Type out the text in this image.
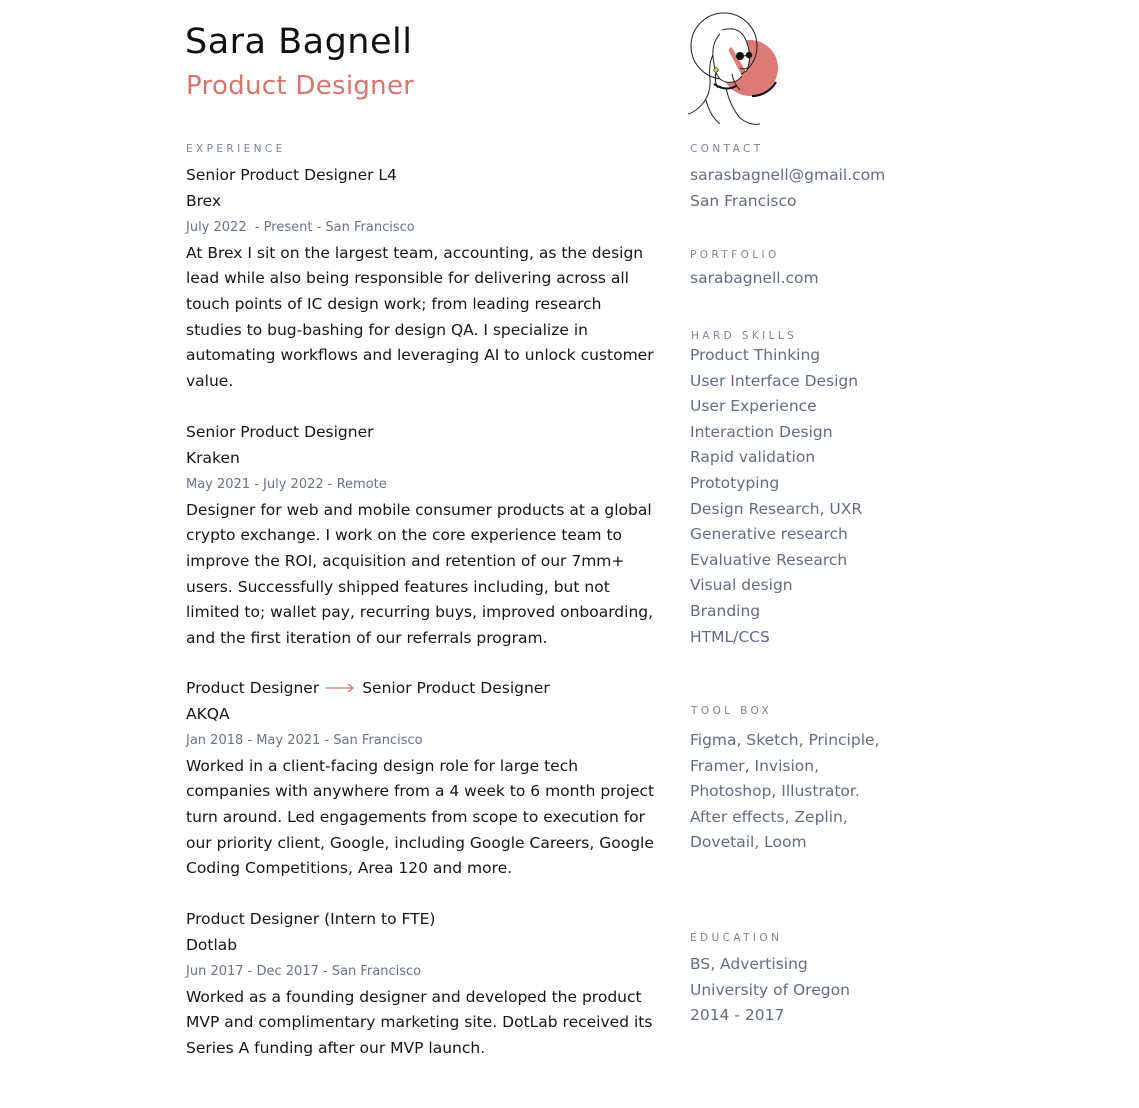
Sara Bagnell
Product Designer
EXPERIENCE
Senior Product Designer L4
Brex
July 2022  - Present - San Francisco
At Brex I sit on the largest team, accounting, as the design lead while also being responsible for delivering across all touch points of IC design work; from leading research studies to bug-bashing for design QA. I specialize in automating workflows and leveraging AI to unlock customer value.
Senior Product Designer
Kraken
May 2021 - July 2022 - Remote
Designer for web and mobile consumer products at a global crypto exchange. I work on the core experience team to improve the ROI, acquisition and retention of our 7mm+ users. Successfully shipped features including, but not limited to; wallet pay, recurring buys, improved onboarding, and the first iteration of our referrals program.
Product Designer	Senior Product Designer
AKQA
Jan 2018 - May 2021 - San Francisco
Worked in a client-facing design role for large tech companies with anywhere from a 4 week to 6 month project turn around. Led engagements from scope to execution for our priority client, Google, including Google Careers, Google Coding Competitions, Area 120 and more.
Product Designer (Intern to FTE)
Dotlab
Jun 2017 - Dec 2017 - San Francisco
Worked as a founding designer and developed the product MVP and complimentary marketing site. DotLab received its Series A funding after our MVP launch.
CONTACT
sarasbagnell@gmail.com
San Francisco
PORTFOLIO
sarabagnell.com
HARD SKILLS
Product Thinking
User Interface Design
User Experience
Interaction Design
Rapid validation
Prototyping
Design Research, UXR
Generative research
Evaluative Research
Visual design
Branding
HTML/CCS
TOOL BOX
Figma, Sketch, Principle,
Framer, Invision,
Photoshop, Illustrator.
After effects, Zeplin,
Dovetail, Loom
EDUCATION
BS, Advertising
University of Oregon
2014 - 2017
